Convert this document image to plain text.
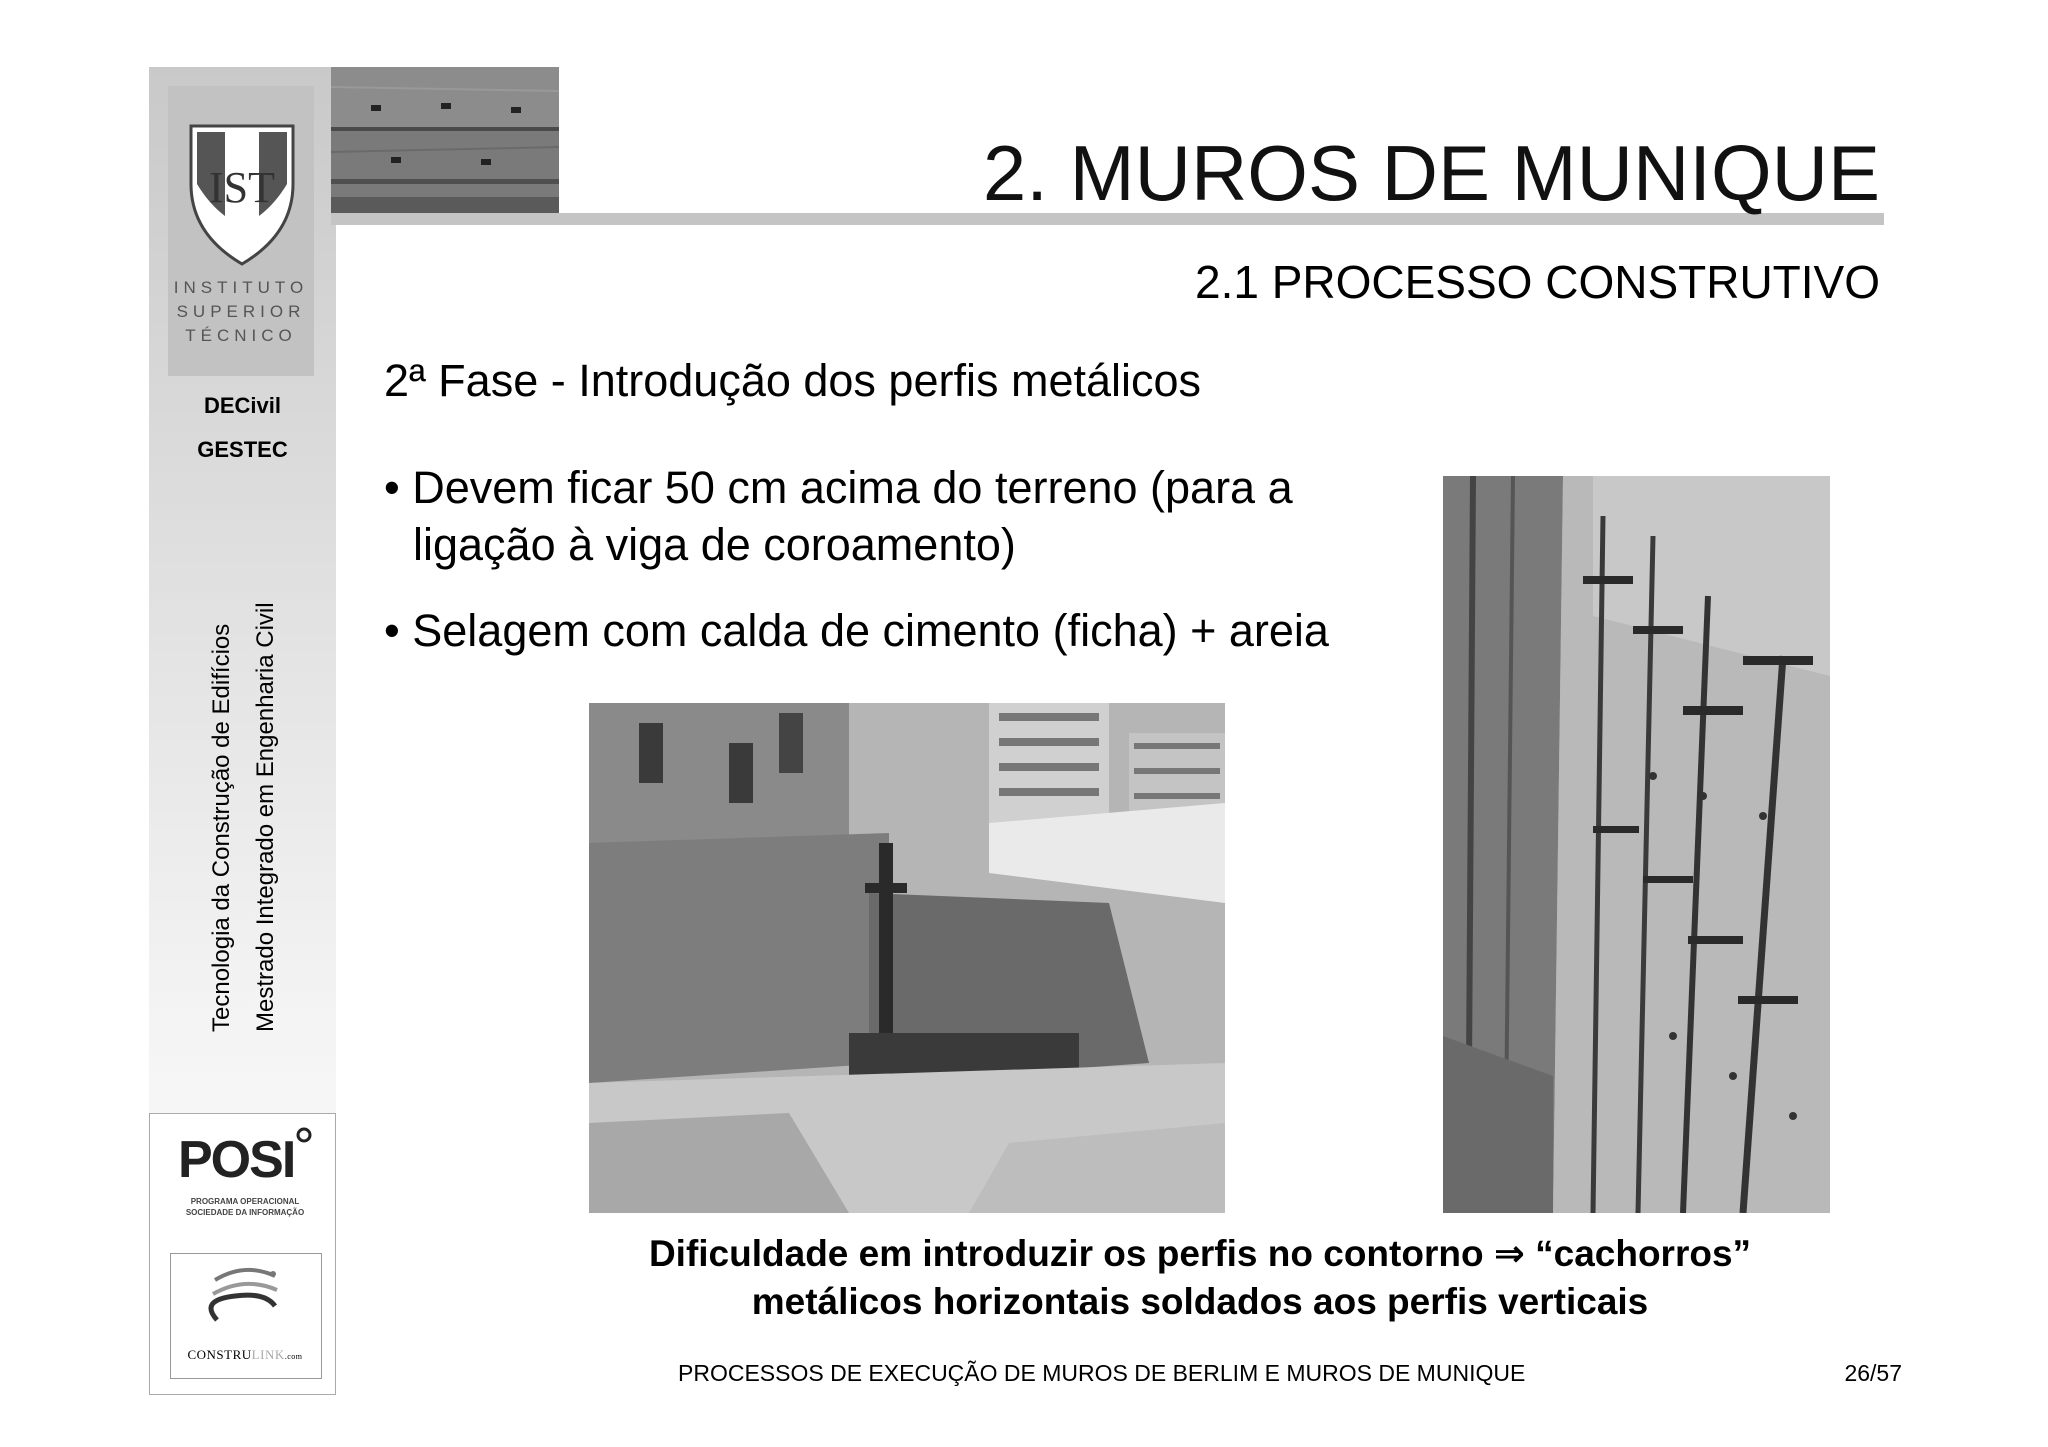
IST
INSTITUTO
SUPERIOR
TÉCNICO
DECivil
GESTEC
Tecnologia da Construção de Edifícios Mestrado Integrado em Engenharia Civil
POSI
PROGRAMA OPERACIONAL
SOCIEDADE DA INFORMAÇÃO
CONSTRULINK.com
2. MUROS DE MUNIQUE
2.1 PROCESSO CONSTRUTIVO
2ª Fase - Introdução dos perfis metálicos
• Devem ficar 50 cm acima do terreno (para a
ligação à viga de coroamento)
• Selagem com calda de cimento (ficha) + areia
Dificuldade em introduzir os perfis no contorno ⇒ “cachorros”
metálicos horizontais soldados aos perfis verticais
PROCESSOS DE EXECUÇÃO DE MUROS DE BERLIM E MUROS DE MUNIQUE	26/57
